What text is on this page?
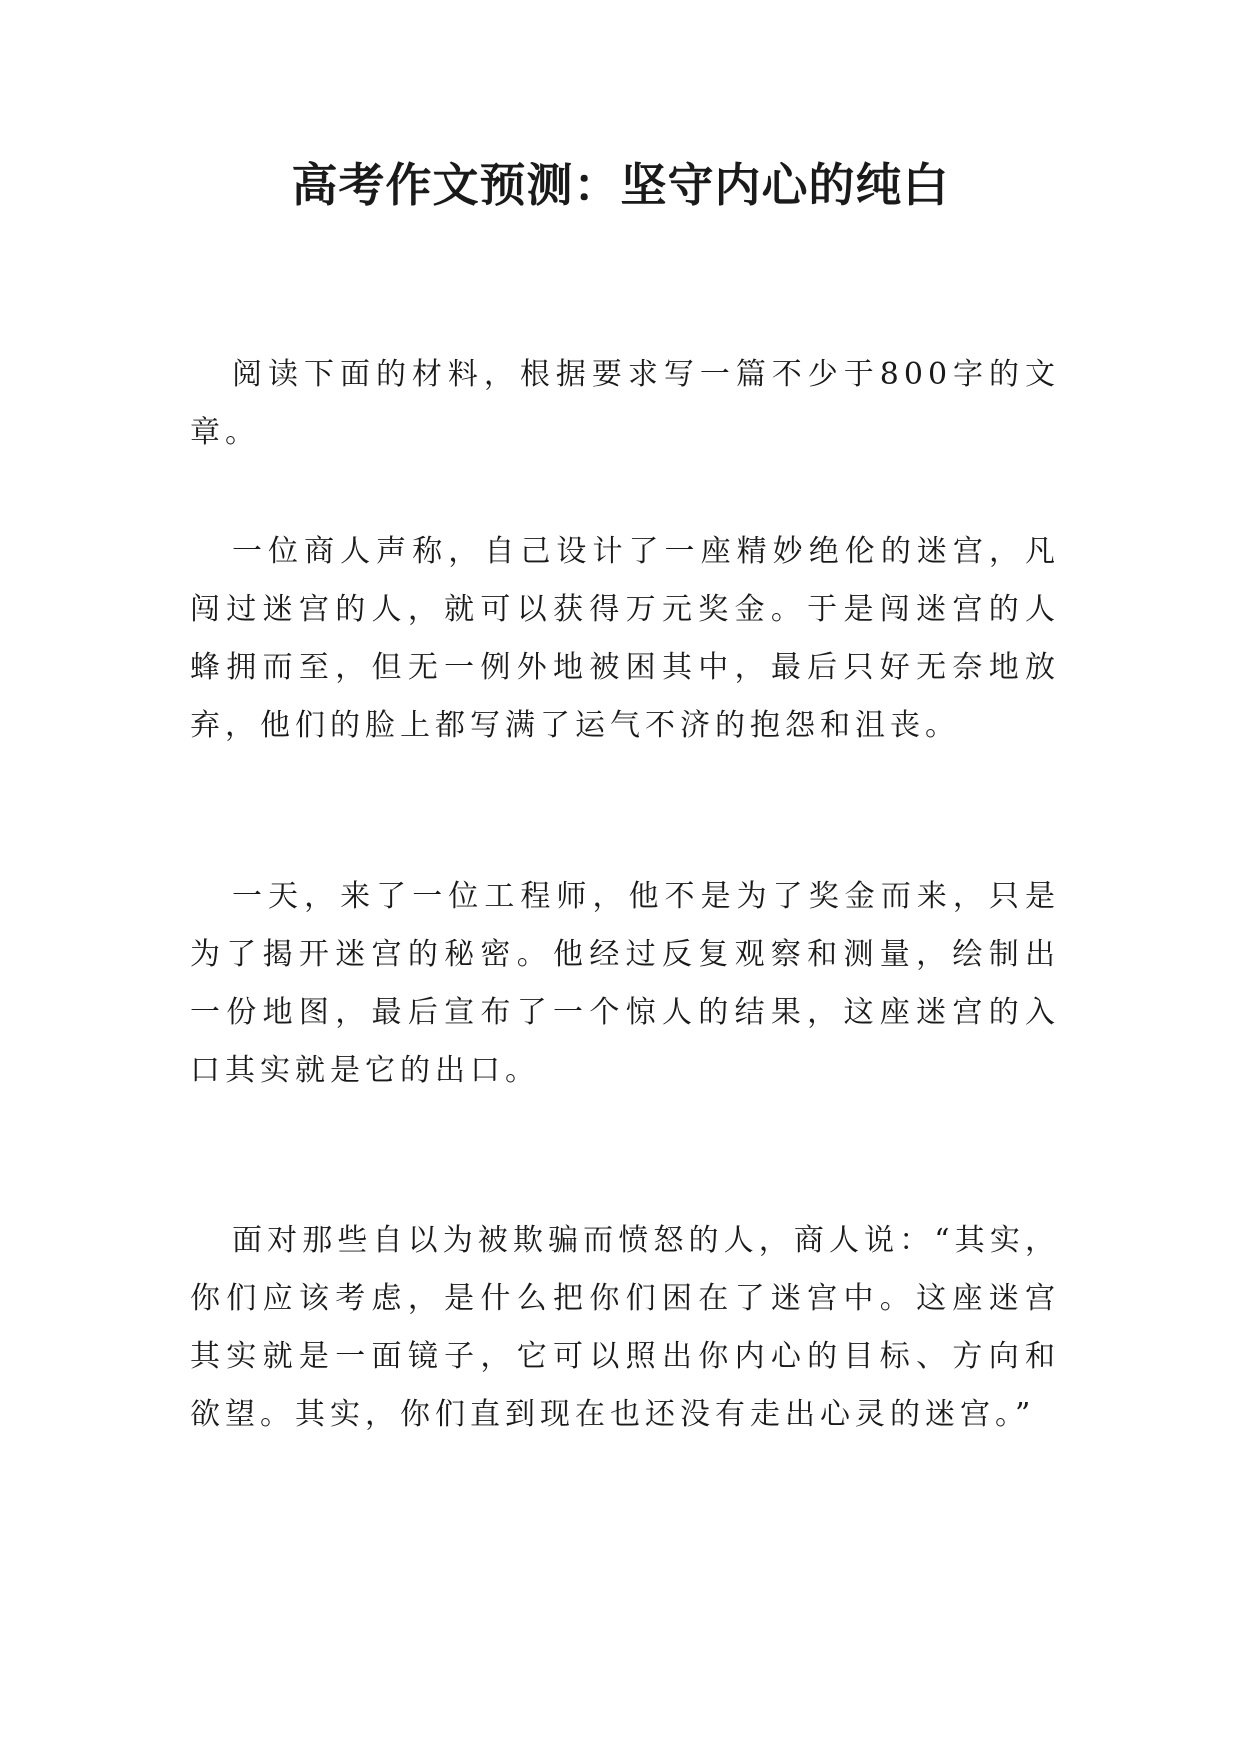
高考作文预测：坚守内心的纯白

阅读下面的材料，根据要求写一篇不少于800字的文章。

一位商人声称，自己设计了一座精妙绝伦的迷宫，凡闯过迷宫的人，就可以获得万元奖金。于是闯迷宫的人蜂拥而至，但无一例外地被困其中，最后只好无奈地放弃，他们的脸上都写满了运气不济的抱怨和沮丧。

一天，来了一位工程师，他不是为了奖金而来，只是为了揭开迷宫的秘密。他经过反复观察和测量，绘制出一份地图，最后宣布了一个惊人的结果，这座迷宫的入口其实就是它的出口。

面对那些自以为被欺骗而愤怒的人，商人说：“其实，你们应该考虑，是什么把你们困在了迷宫中。这座迷宫其实就是一面镜子，它可以照出你内心的目标、方向和欲望。其实，你们直到现在也还没有走出心灵的迷宫。”
